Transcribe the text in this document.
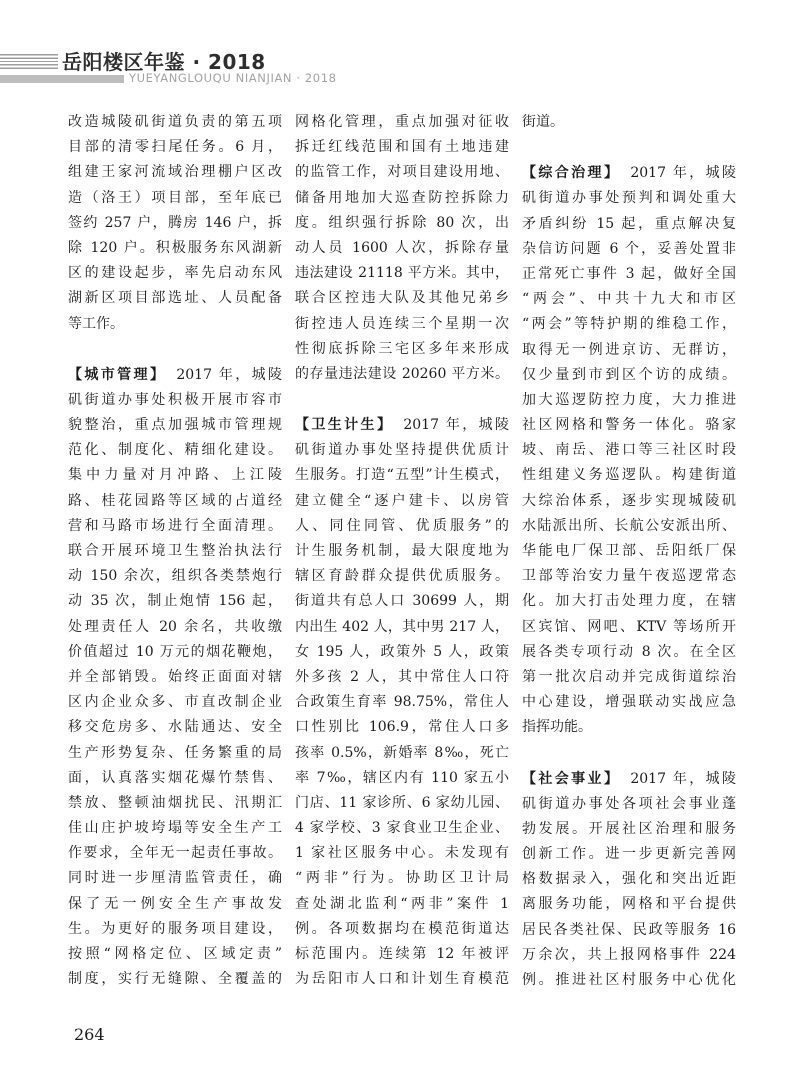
岳阳楼区年鉴 · 2018
YUEYANGLOUQU NIANJIAN · 2018
改造城陵矶街道负责的第五项
目部的清零扫尾任务。6 月，
组建王家河流域治理棚户区改
造（洛王）项目部，至年底已
签约 257 户，腾房 146 户，拆
除 120 户。积极服务东风湖新
区的建设起步，率先启动东风
湖新区项目部选址、人员配备
等工作。
【城市管理】 2017 年，城陵
矶街道办事处积极开展市容市
貌整治，重点加强城市管理规
范化、制度化、精细化建设。
集中力量对月冲路、上江陵
路、桂花园路等区域的占道经
营和马路市场进行全面清理。
联合开展环境卫生整治执法行
动 150 余次，组织各类禁炮行
动 35 次，制止炮情 156 起，
处理责任人 20 余名，共收缴
价值超过 10 万元的烟花鞭炮，
并全部销毁。始终正面面对辖
区内企业众多、市直改制企业
移交危房多、水陆通达、安全
生产形势复杂、任务繁重的局
面，认真落实烟花爆竹禁售、
禁放、整顿油烟扰民、汛期汇
佳山庄护坡垮塌等安全生产工
作要求，全年无一起责任事故。
同时进一步厘清监管责任，确
保了无一例安全生产事故发
生。为更好的服务项目建设，
按照“网格定位、区域定责”
制度，实行无缝隙、全覆盖的
网格化管理，重点加强对征收
拆迁红线范围和国有土地违建
的监管工作，对项目建设用地、
储备用地加大巡查防控拆除力
度。组织强行拆除 80 次，出
动人员 1600 人次，拆除存量
违法建设 21118 平方米。其中，
联合区控违大队及其他兄弟乡
街控违人员连续三个星期一次
性彻底拆除三宅区多年来形成
的存量违法建设 20260 平方米。
【卫生计生】 2017 年，城陵
矶街道办事处坚持提供优质计
生服务。打造“五型”计生模式，
建立健全“逐户建卡、以房管
人、同住同管、优质服务”的
计生服务机制，最大限度地为
辖区育龄群众提供优质服务。
街道共有总人口 30699 人，期
内出生 402 人，其中男 217 人，
女 195 人，政策外 5 人，政策
外多孩 2 人，其中常住人口符
合政策生育率 98.75%，常住人
口性别比 106.9，常住人口多
孩率 0.5%，新婚率 8‰，死亡
率 7‰，辖区内有 110 家五小
门店、11 家诊所、6 家幼儿园、
4 家学校、3 家食业卫生企业、
1 家社区服务中心。未发现有
“两非”行为。协助区卫计局
查处湖北监利“两非”案件 1
例。各项数据均在模范街道达
标范围内。连续第 12 年被评
为岳阳市人口和计划生育模范
街道。
【综合治理】 2017 年，城陵
矶街道办事处预判和调处重大
矛盾纠纷 15 起，重点解决复
杂信访问题 6 个，妥善处置非
正常死亡事件 3 起，做好全国
“两会”、中共十九大和市区
“两会”等特护期的维稳工作，
取得无一例进京访、无群访，
仅少量到市到区个访的成绩。
加大巡逻防控力度，大力推进
社区网格和警务一体化。骆家
坡、南岳、港口等三社区时段
性组建义务巡逻队。构建街道
大综治体系，逐步实现城陵矶
水陆派出所、长航公安派出所、
华能电厂保卫部、岳阳纸厂保
卫部等治安力量午夜巡逻常态
化。加大打击处理力度，在辖
区宾馆、网吧、KTV 等场所开
展各类专项行动 8 次。在全区
第一批次启动并完成街道综治
中心建设，增强联动实战应急
指挥功能。
【社会事业】 2017 年，城陵
矶街道办事处各项社会事业蓬
勃发展。开展社区治理和服务
创新工作。进一步更新完善网
格数据录入，强化和突出近距
离服务功能，网格和平台提供
居民各类社保、民政等服务 16
万余次，共上报网格事件 224
例。推进社区村服务中心优化
264
